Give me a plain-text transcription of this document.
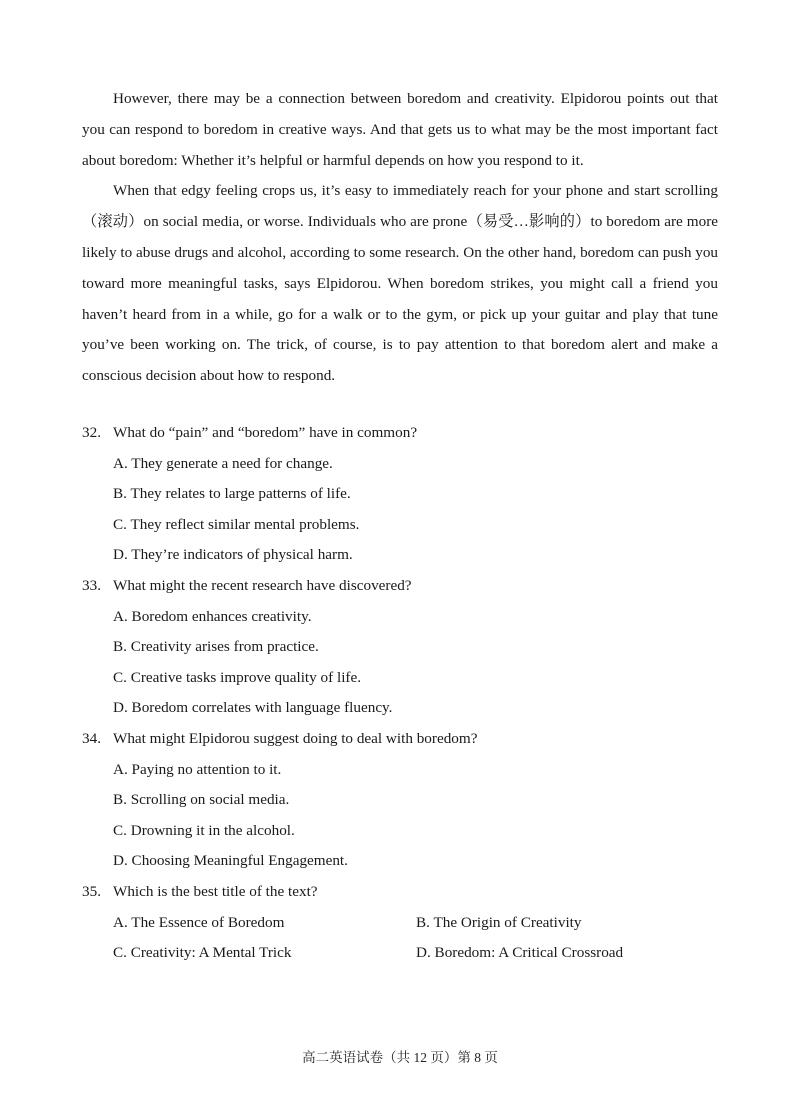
However, there may be a connection between boredom and creativity. Elpidorou points out that you can respond to boredom in creative ways. And that gets us to what may be the most important fact about boredom: Whether it’s helpful or harmful depends on how you respond to it.

When that edgy feeling crops us, it’s easy to immediately reach for your phone and start scrolling（滚动）on social media, or worse. Individuals who are prone（易受…影响的）to boredom are more likely to abuse drugs and alcohol, according to some research. On the other hand, boredom can push you toward more meaningful tasks, says Elpidorou. When boredom strikes, you might call a friend you haven’t heard from in a while, go for a walk or to the gym, or pick up your guitar and play that tune you’ve been working on. The trick, of course, is to pay attention to that boredom alert and make a conscious decision about how to respond.

32. What do “pain” and “boredom” have in common?
A. They generate a need for change.
B. They relates to large patterns of life.
C. They reflect similar mental problems.
D. They’re indicators of physical harm.
33. What might the recent research have discovered?
A. Boredom enhances creativity.
B. Creativity arises from practice.
C. Creative tasks improve quality of life.
D. Boredom correlates with language fluency.
34. What might Elpidorou suggest doing to deal with boredom?
A. Paying no attention to it.
B. Scrolling on social media.
C. Drowning it in the alcohol.
D. Choosing Meaningful Engagement.
35. Which is the best title of the text?
A. The Essence of Boredom	B. The Origin of Creativity
C. Creativity: A Mental Trick	D. Boredom: A Critical Crossroad
高二英语试卷（共 12 页）第 8 页
